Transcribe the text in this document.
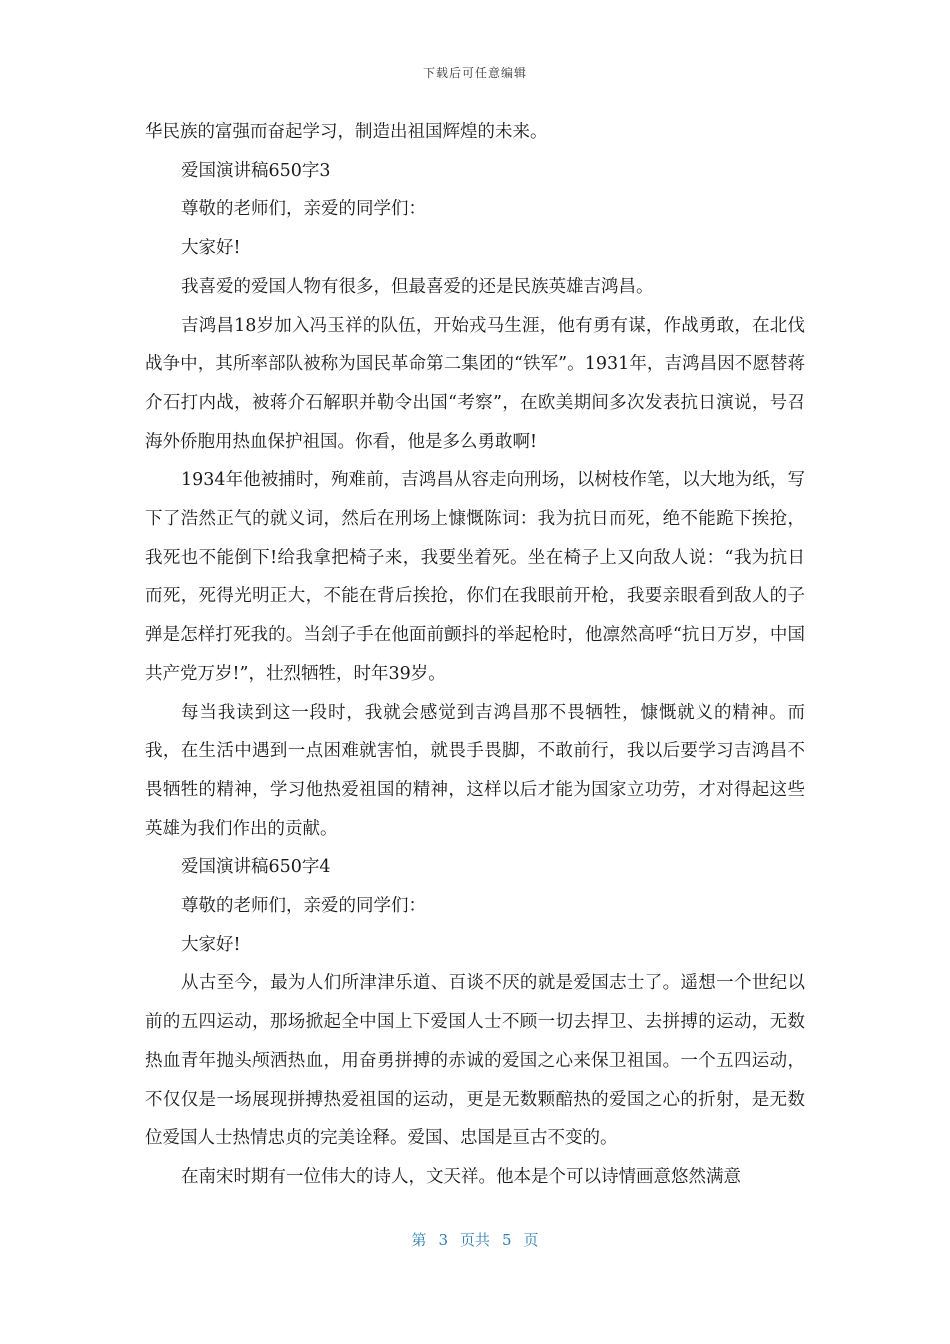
下载后可任意编辑

华民族的富强而奋起学习，制造出祖国辉煌的未来。

爱国演讲稿650字3

尊敬的老师们，亲爱的同学们：

大家好!

我喜爱的爱国人物有很多，但最喜爱的还是民族英雄吉鸿昌。

吉鸿昌18岁加入冯玉祥的队伍，开始戎马生涯，他有勇有谋，作战勇敢，在北伐战争中，其所率部队被称为国民革命第二集团的“铁军”。1931年，吉鸿昌因不愿替蒋介石打内战，被蒋介石解职并勒令出国“考察”，在欧美期间多次发表抗日演说，号召海外侨胞用热血保护祖国。你看，他是多么勇敢啊!

1934年他被捕时，殉难前，吉鸿昌从容走向刑场，以树枝作笔，以大地为纸，写下了浩然正气的就义词，然后在刑场上慷慨陈词：我为抗日而死，绝不能跪下挨抢，我死也不能倒下!给我拿把椅子来，我要坐着死。坐在椅子上又向敌人说：“我为抗日而死，死得光明正大，不能在背后挨抢，你们在我眼前开枪，我要亲眼看到敌人的子弹是怎样打死我的。当刽子手在他面前颤抖的举起枪时，他凛然高呼“抗日万岁，中国共产党万岁!”，壮烈牺牲，时年39岁。

每当我读到这一段时，我就会感觉到吉鸿昌那不畏牺牲，慷慨就义的精神。而我，在生活中遇到一点困难就害怕，就畏手畏脚，不敢前行，我以后要学习吉鸿昌不畏牺牲的精神，学习他热爱祖国的精神，这样以后才能为国家立功劳，才对得起这些英雄为我们作出的贡献。

爱国演讲稿650字4

尊敬的老师们，亲爱的同学们：

大家好!

从古至今，最为人们所津津乐道、百谈不厌的就是爱国志士了。遥想一个世纪以前的五四运动，那场掀起全中国上下爱国人士不顾一切去捍卫、去拼搏的运动，无数热血青年抛头颅洒热血，用奋勇拼搏的赤诚的爱国之心来保卫祖国。一个五四运动，不仅仅是一场展现拼搏热爱祖国的运动，更是无数颗醅热的爱国之心的折射，是无数位爱国人士热情忠贞的完美诠释。爱国、忠国是亘古不变的。

在南宋时期有一位伟大的诗人，文天祥。他本是个可以诗情画意悠然满意

第 3 页共 5 页
